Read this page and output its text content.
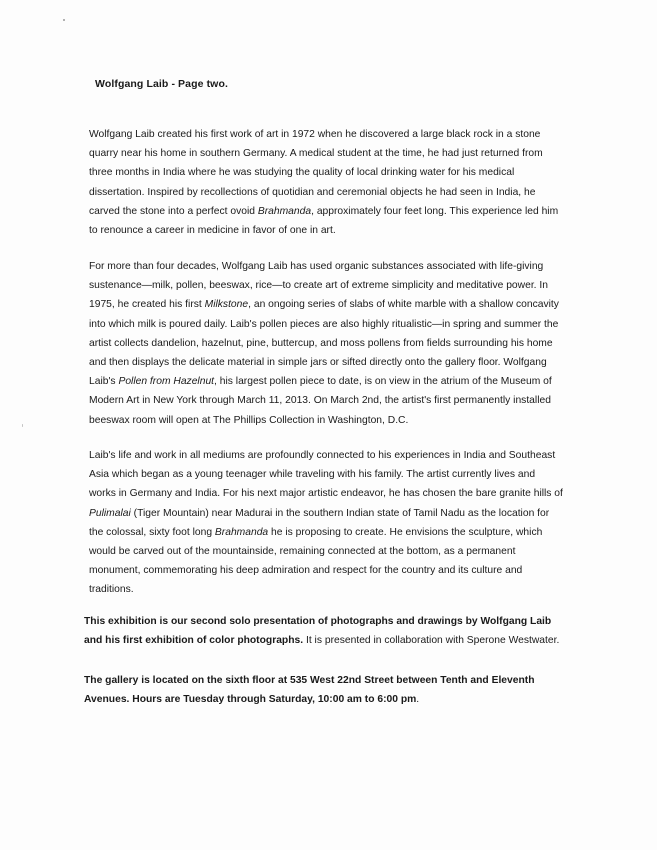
Wolfgang Laib - Page two.

Wolfgang Laib created his first work of art in 1972 when he discovered a large black rock in a stone
quarry near his home in southern Germany. A medical student at the time, he had just returned from
three months in India where he was studying the quality of local drinking water for his medical
dissertation. Inspired by recollections of quotidian and ceremonial objects he had seen in India, he
carved the stone into a perfect ovoid Brahmanda, approximately four feet long. This experience led him
to renounce a career in medicine in favor of one in art.

For more than four decades, Wolfgang Laib has used organic substances associated with life-giving
sustenance—milk, pollen, beeswax, rice—to create art of extreme simplicity and meditative power. In
1975, he created his first Milkstone, an ongoing series of slabs of white marble with a shallow concavity
into which milk is poured daily. Laib's pollen pieces are also highly ritualistic—in spring and summer the
artist collects dandelion, hazelnut, pine, buttercup, and moss pollens from fields surrounding his home
and then displays the delicate material in simple jars or sifted directly onto the gallery floor. Wolfgang
Laib's Pollen from Hazelnut, his largest pollen piece to date, is on view in the atrium of the Museum of
Modern Art in New York through March 11, 2013. On March 2nd, the artist's first permanently installed
beeswax room will open at The Phillips Collection in Washington, D.C.

Laib's life and work in all mediums are profoundly connected to his experiences in India and Southeast
Asia which began as a young teenager while traveling with his family. The artist currently lives and
works in Germany and India. For his next major artistic endeavor, he has chosen the bare granite hills of
Pulimalai (Tiger Mountain) near Madurai in the southern Indian state of Tamil Nadu as the location for
the colossal, sixty foot long Brahmanda he is proposing to create. He envisions the sculpture, which
would be carved out of the mountainside, remaining connected at the bottom, as a permanent
monument, commemorating his deep admiration and respect for the country and its culture and
traditions.

This exhibition is our second solo presentation of photographs and drawings by Wolfgang Laib
and his first exhibition of color photographs. It is presented in collaboration with Sperone Westwater.

The gallery is located on the sixth floor at 535 West 22nd Street between Tenth and Eleventh
Avenues. Hours are Tuesday through Saturday, 10:00 am to 6:00 pm.
